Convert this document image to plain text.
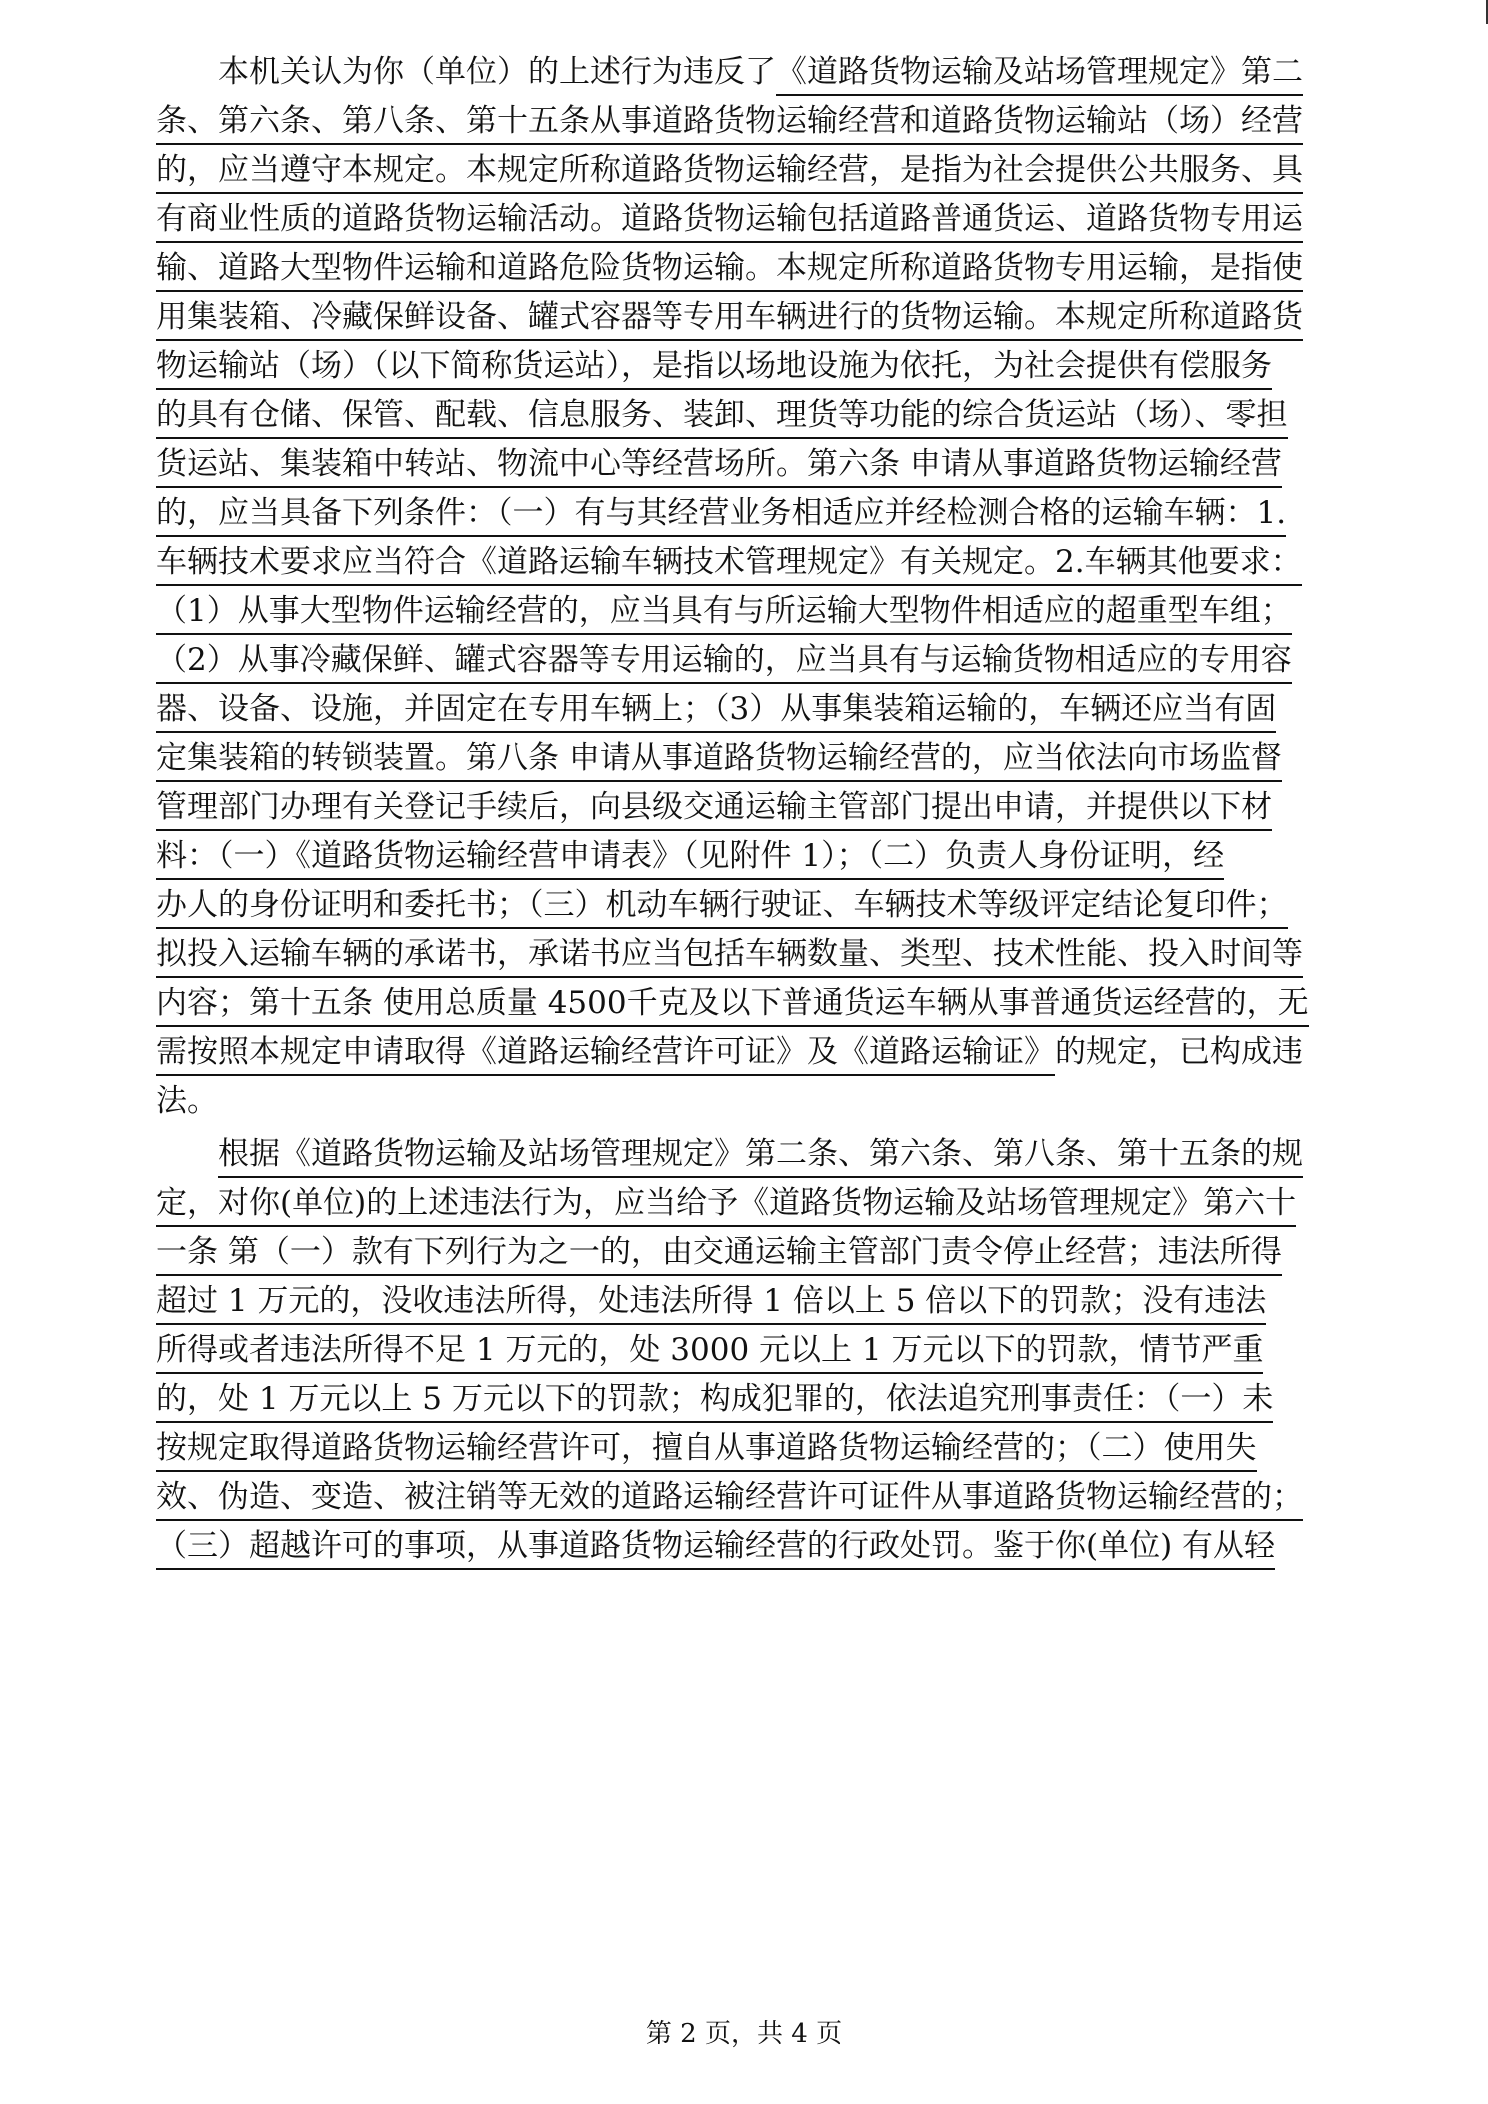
本机关认为你（单位）的上述行为违反了《道路货物运输及站场管理规定》第二
条、第六条、第八条、第十五条从事道路货物运输经营和道路货物运输站（场）经营
的，应当遵守本规定。本规定所称道路货物运输经营，是指为社会提供公共服务、具
有商业性质的道路货物运输活动。道路货物运输包括道路普通货运、道路货物专用运
输、道路大型物件运输和道路危险货物运输。本规定所称道路货物专用运输，是指使
用集装箱、冷藏保鲜设备、罐式容器等专用车辆进行的货物运输。本规定所称道路货
物运输站（场）（以下简称货运站），是指以场地设施为依托，为社会提供有偿服务
的具有仓储、保管、配载、信息服务、装卸、理货等功能的综合货运站（场）、零担
货运站、集装箱中转站、物流中心等经营场所。第六条 申请从事道路货物运输经营
的，应当具备下列条件：（一）有与其经营业务相适应并经检测合格的运输车辆：1.
车辆技术要求应当符合《道路运输车辆技术管理规定》有关规定。2.车辆其他要求：
（1）从事大型物件运输经营的，应当具有与所运输大型物件相适应的超重型车组；
（2）从事冷藏保鲜、罐式容器等专用运输的，应当具有与运输货物相适应的专用容
器、设备、设施，并固定在专用车辆上；（3）从事集装箱运输的，车辆还应当有固
定集装箱的转锁装置。第八条 申请从事道路货物运输经营的，应当依法向市场监督
管理部门办理有关登记手续后，向县级交通运输主管部门提出申请，并提供以下材
料：（一）《道路货物运输经营申请表》（见附件 1）；（二）负责人身份证明，经
办人的身份证明和委托书；（三）机动车辆行驶证、车辆技术等级评定结论复印件；
拟投入运输车辆的承诺书，承诺书应当包括车辆数量、类型、技术性能、投入时间等
内容；第十五条 使用总质量 4500千克及以下普通货运车辆从事普通货运经营的，无
需按照本规定申请取得《道路运输经营许可证》及《道路运输证》的规定，已构成违
法。
根据《道路货物运输及站场管理规定》第二条、第六条、第八条、第十五条的规
定，对你(单位)的上述违法行为，应当给予《道路货物运输及站场管理规定》第六十
一条 第（一）款有下列行为之一的，由交通运输主管部门责令停止经营；违法所得
超过 1 万元的，没收违法所得，处违法所得 1 倍以上 5 倍以下的罚款；没有违法
所得或者违法所得不足 1 万元的，处 3000 元以上 1 万元以下的罚款，情节严重
的，处 1 万元以上 5 万元以下的罚款；构成犯罪的，依法追究刑事责任：（一）未
按规定取得道路货物运输经营许可，擅自从事道路货物运输经营的；（二）使用失
效、伪造、变造、被注销等无效的道路运输经营许可证件从事道路货物运输经营的；
（三）超越许可的事项，从事道路货物运输经营的行政处罚。鉴于你(单位) 有从轻
第 2 页，共 4 页
